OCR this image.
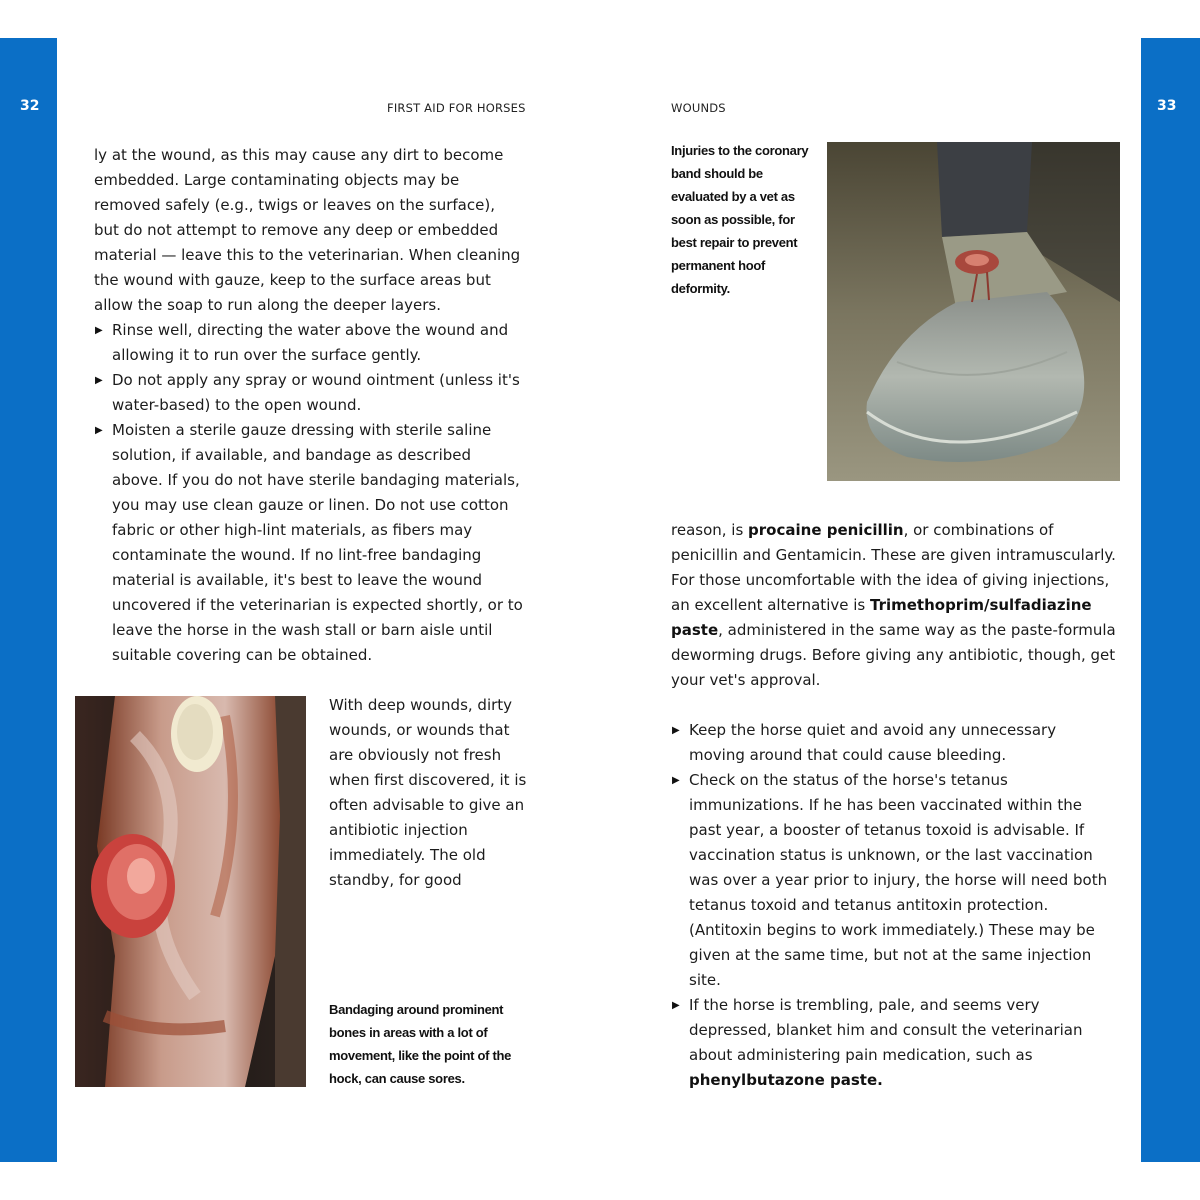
32	FIRST AID FOR HORSES

ly at the wound, as this may cause any dirt to become embedded. Large contaminating objects may be removed safely (e.g., twigs or leaves on the surface), but do not attempt to remove any deep or embedded material — leave this to the veterinarian. When cleaning the wound with gauze, keep to the surface areas but allow the soap to run along the deeper layers.

▶ Rinse well, directing the water above the wound and allowing it to run over the surface gently.
▶ Do not apply any spray or wound ointment (unless it's water-based) to the open wound.
▶ Moisten a sterile gauze dressing with sterile saline solution, if available, and bandage as described above. If you do not have sterile bandaging materials, you may use clean gauze or linen. Do not use cotton fabric or other high-lint materials, as fibers may contaminate the wound. If no lint-free bandaging material is available, it's best to leave the wound uncovered if the veterinarian is expected shortly, or to leave the horse in the wash stall or barn aisle until suitable covering can be obtained.

With deep wounds, dirty wounds, or wounds that are obviously not fresh when first discovered, it is often advisable to give an antibiotic injection immediately. The old standby, for good

Bandaging around prominent bones in areas with a lot of movement, like the point of the hock, can cause sores.
33
WOUNDS
Injuries to the coronary band should be evaluated by a vet as soon as possible, for best repair to prevent permanent hoof deformity.

reason, is procaine penicillin, or combinations of penicillin and Gentamicin. These are given intramuscularly. For those uncomfortable with the idea of giving injections, an excellent alternative is Trimethoprim/sulfadiazine paste, administered in the same way as the paste-formula deworming drugs. Before giving any antibiotic, though, get your vet's approval.

▶ Keep the horse quiet and avoid any unnecessary moving around that could cause bleeding.
▶ Check on the status of the horse's tetanus immunizations. If he has been vaccinated within the past year, a booster of tetanus toxoid is advisable. If vaccination status is unknown, or the last vaccination was over a year prior to injury, the horse will need both tetanus toxoid and tetanus antitoxin protection. (Antitoxin begins to work immediately.) These may be given at the same time, but not at the same injection site.
▶ If the horse is trembling, pale, and seems very depressed, blanket him and consult the veterinarian about administering pain medication, such as phenylbutazone paste.
